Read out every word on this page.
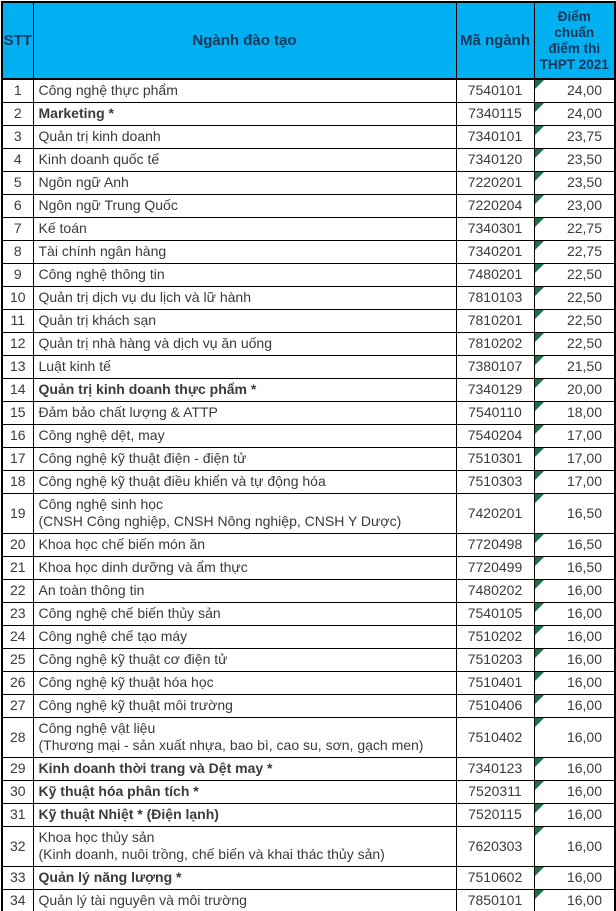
STT	Ngành đào tạo	Mã ngành	Điểm chuẩn điểm thi THPT 2021
1	Công nghệ thực phẩm	7540101	24,00
2	Marketing *	7340115	24,00
3	Quản trị kinh doanh	7340101	23,75
4	Kinh doanh quốc tế	7340120	23,50
5	Ngôn ngữ Anh	7220201	23,50
6	Ngôn ngữ Trung Quốc	7220204	23,00
7	Kế toán	7340301	22,75
8	Tài chính ngân hàng	7340201	22,75
9	Công nghệ thông tin	7480201	22,50
10	Quản trị dịch vụ du lịch và lữ hành	7810103	22,50
11	Quản trị khách sạn	7810201	22,50
12	Quản trị nhà hàng và dịch vụ ăn uống	7810202	22,50
13	Luật kinh tế	7380107	21,50
14	Quản trị kinh doanh thực phẩm *	7340129	20,00
15	Đảm bảo chất lượng & ATTP	7540110	18,00
16	Công nghệ dệt, may	7540204	17,00
17	Công nghệ kỹ thuật điện - điện tử	7510301	17,00
18	Công nghệ kỹ thuật điều khiển và tự động hóa	7510303	17,00
19	Công nghệ sinh học
(CNSH Công nghiệp, CNSH Nông nghiệp, CNSH Y Dược)	7420201	16,50
20	Khoa học chế biến món ăn	7720498	16,50
21	Khoa học dinh dưỡng và ẩm thực	7720499	16,50
22	An toàn thông tin	7480202	16,00
23	Công nghệ chế biến thủy sản	7540105	16,00
24	Công nghệ chế tạo máy	7510202	16,00
25	Công nghệ kỹ thuật cơ điện tử	7510203	16,00
26	Công nghệ kỹ thuật hóa học	7510401	16,00
27	Công nghệ kỹ thuật môi trường	7510406	16,00
28	Công nghệ vật liệu
(Thương mại - sản xuất nhựa, bao bì, cao su, sơn, gạch men)	7510402	16,00
29	Kinh doanh thời trang và Dệt may *	7340123	16,00
30	Kỹ thuật hóa phân tích *	7520311	16,00
31	Kỹ thuật Nhiệt * (Điện lạnh)	7520115	16,00
32	Khoa học thủy sản
(Kinh doanh, nuôi trồng, chế biến và khai thác thủy sản)	7620303	16,00
33	Quản lý năng lượng *	7510602	16,00
34	Quản lý tài nguyên và môi trường	7850101	16,00
